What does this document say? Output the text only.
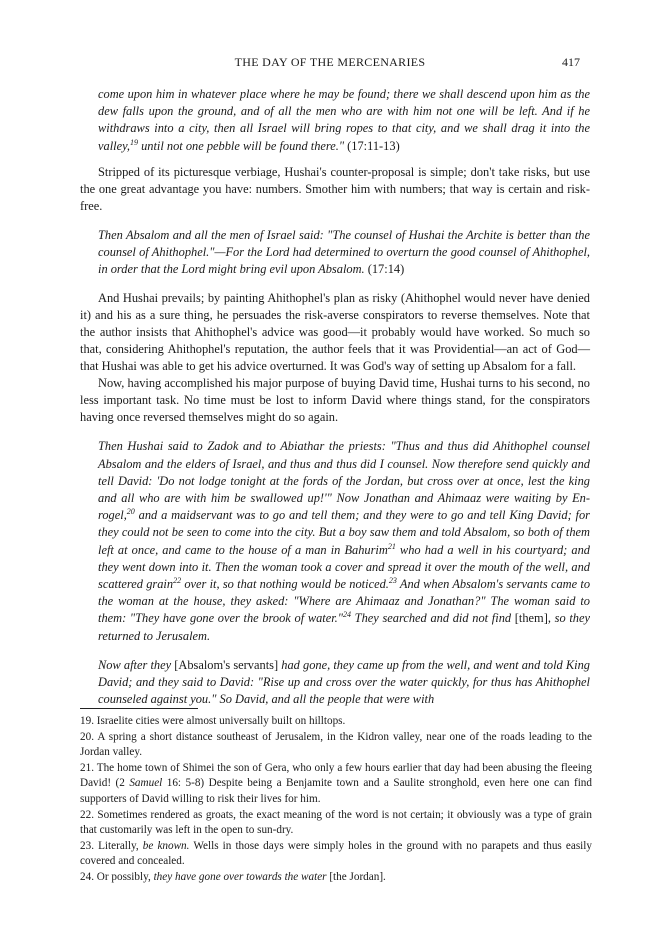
THE DAY OF THE MERCENARIES	417

come upon him in whatever place where he may be found; there we shall descend upon him as the dew falls upon the ground, and of all the men who are with him not one will be left. And if he withdraws into a city, then all Israel will bring ropes to that city, and we shall drag it into the valley,$^{19}$ until not one pebble will be found there." (17:11-13)

Stripped of its picturesque verbiage, Hushai's counter-proposal is simple; don't take risks, but use the one great advantage you have: numbers. Smother him with numbers; that way is certain and risk-free.

Then Absalom and all the men of Israel said: "The counsel of Hushai the Archite is better than the counsel of Ahithophel."—For the Lord had determined to overturn the good counsel of Ahithophel, in order that the Lord might bring evil upon Absalom. (17:14)

And Hushai prevails; by painting Ahithophel's plan as risky (Ahithophel would never have denied it) and his as a sure thing, he persuades the risk-averse conspirators to reverse themselves. Note that the author insists that Ahithophel's advice was good—it probably would have worked. So much so that, considering Ahithophel's reputation, the author feels that it was Providential—an act of God—that Hushai was able to get his advice overturned. It was God's way of setting up Absalom for a fall.

Now, having accomplished his major purpose of buying David time, Hushai turns to his second, no less important task. No time must be lost to inform David where things stand, for the conspirators having once reversed themselves might do so again.

Then Hushai said to Zadok and to Abiathar the priests: "Thus and thus did Ahithophel counsel Absalom and the elders of Israel, and thus and thus did I counsel. Now therefore send quickly and tell David: 'Do not lodge tonight at the fords of the Jordan, but cross over at once, lest the king and all who are with him be swallowed up!'" Now Jonathan and Ahimaaz were waiting by En-rogel,$^{20}$ and a maidservant was to go and tell them; and they were to go and tell King David; for they could not be seen to come into the city. But a boy saw them and told Absalom, so both of them left at once, and came to the house of a man in Bahurim$^{21}$ who had a well in his courtyard; and they went down into it. Then the woman took a cover and spread it over the mouth of the well, and scattered grain$^{22}$ over it, so that nothing would be noticed.$^{23}$ And when Absalom's servants came to the woman at the house, they asked: "Where are Ahimaaz and Jonathan?" The woman said to them: "They have gone over the brook of water."$^{24}$ They searched and did not find [them], so they returned to Jerusalem.

Now after they [Absalom's servants] had gone, they came up from the well, and went and told King David; and they said to David: "Rise up and cross over the water quickly, for thus has Ahithophel counseled against you." So David, and all the people that were with

19. Israelite cities were almost universally built on hilltops.

20. A spring a short distance southeast of Jerusalem, in the Kidron valley, near one of the roads leading to the Jordan valley.

21. The home town of Shimei the son of Gera, who only a few hours earlier that day had been abusing the fleeing David! (2 Samuel 16: 5-8) Despite being a Benjamite town and a Saulite stronghold, even here one can find supporters of David willing to risk their lives for him.

22. Sometimes rendered as groats, the exact meaning of the word is not certain; it obviously was a type of grain that customarily was left in the open to sun-dry.

23. Literally, be known. Wells in those days were simply holes in the ground with no parapets and thus easily covered and concealed.

24. Or possibly, they have gone over towards the water [the Jordan].
